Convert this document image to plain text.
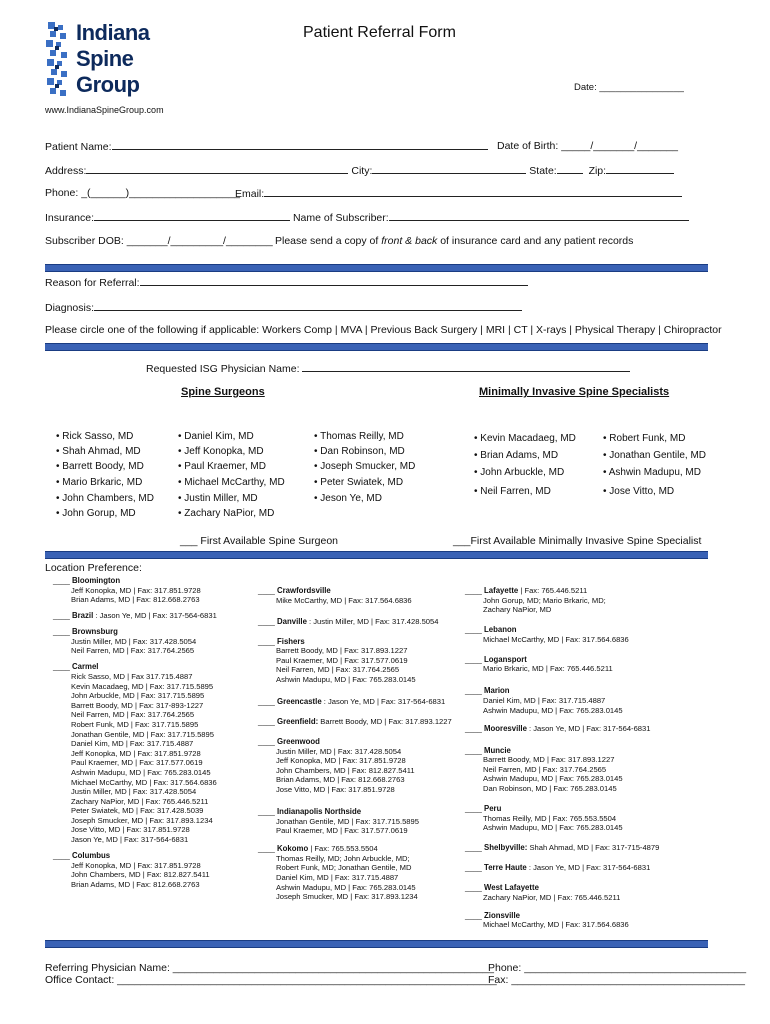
Indiana
Spine
Group
Patient Referral Form
Date: ________________
www.IndianaSpineGroup.com
Patient Name:	Date of Birth: _____/_______/_______
Address:	City:	State:	Zip:
Phone: _(______)___________________
Email:
Insurance:	Name of Subscriber:
Subscriber DOB: _______/_________/________ Please send a copy of front & back of insurance card and any patient records
Reason for Referral:
Diagnosis:
Please circle one of the following if applicable: Workers Comp | MVA | Previous Back Surgery | MRI | CT | X-rays | Physical Therapy | Chiropractor
Requested ISG Physician Name:
Spine Surgeons	Minimally Invasive Spine Specialists
• Rick Sasso, MD
• Shah Ahmad, MD
• Barrett Boody, MD
• Mario Brkaric, MD
• John Chambers, MD
• John Gorup, MD
• Daniel Kim, MD
• Jeff Konopka, MD
• Paul Kraemer, MD
• Michael McCarthy, MD
• Justin Miller, MD
• Zachary NaPior, MD
• Thomas Reilly, MD
• Dan Robinson, MD
• Joseph Smucker, MD
• Peter Swiatek, MD
• Jeson Ye, MD
• Kevin Macadaeg, MD
• Brian Adams, MD
• John Arbuckle, MD
• Neil Farren, MD
• Robert Funk, MD
• Jonathan Gentile, MD
• Ashwin Madupu, MD
• Jose Vitto, MD
___ First Available Spine Surgeon	___First Available Minimally Invasive Spine Specialist
Location Preference:
____ Bloomington
Jeff Konopka, MD | Fax: 317.851.9728
Brian Adams, MD | Fax: 812.668.2763
____ Brazil : Jason Ye, MD | Fax: 317-564-6831
____ Brownsburg
Justin Miller, MD | Fax: 317.428.5054
Neil Farren, MD | Fax: 317.764.2565
____ Carmel
Rick Sasso, MD | Fax 317.715.4887
Kevin Macadaeg, MD | Fax: 317.715.5895
John Arbuckle, MD | Fax: 317.715.5895
Barrett Boody, MD | Fax: 317-893-1227
Neil Farren, MD | Fax: 317.764.2565
Robert Funk, MD | Fax: 317.715.5895
Jonathan Gentile, MD | Fax: 317.715.5895
Daniel Kim, MD | Fax: 317.715.4887
Jeff Konopka, MD | Fax: 317.851.9728
Paul Kraemer, MD | Fax: 317.577.0619
Ashwin Madupu, MD | Fax: 765.283.0145
Michael McCarthy, MD | Fax: 317.564.6836
Justin Miller, MD | Fax: 317.428.5054
Zachary NaPior, MD | Fax: 765.446.5211
Peter Swiatek, MD | Fax: 317.428.5039
Joseph Smucker, MD | Fax: 317.893.1234
Jose Vitto, MD | Fax: 317.851.9728
Jason Ye, MD | Fax: 317-564-6831
____ Columbus
Jeff Konopka, MD | Fax: 317.851.9728
John Chambers, MD | Fax: 812.827.5411
Brian Adams, MD | Fax: 812.668.2763
____ Crawfordsville
Mike McCarthy, MD | Fax: 317.564.6836
____ Danville : Justin Miller, MD | Fax: 317.428.5054
____ Fishers
Barrett Boody, MD | Fax: 317.893.1227
Paul Kraemer, MD | Fax: 317.577.0619
Neil Farren, MD | Fax: 317.764.2565
Ashwin Madupu, MD | Fax: 765.283.0145
____ Greencastle : Jason Ye, MD | Fax: 317-564-6831
____ Greenfield: Barrett Boody, MD | Fax: 317.893.1227
____ Greenwood
Justin Miller, MD | Fax: 317.428.5054
Jeff Konopka, MD | Fax: 317.851.9728
John Chambers, MD | Fax: 812.827.5411
Brian Adams, MD | Fax: 812.668.2763
Jose Vitto, MD | Fax: 317.851.9728
____ Indianapolis Northside
Jonathan Gentile, MD | Fax: 317.715.5895
Paul Kraemer, MD | Fax: 317.577.0619
____ Kokomo | Fax: 765.553.5504
Thomas Reilly, MD; John Arbuckle, MD;
Robert Funk, MD; Jonathan Gentile, MD
Daniel Kim, MD | Fax: 317.715.4887
Ashwin Madupu, MD | Fax: 765.283.0145
Joseph Smucker, MD | Fax: 317.893.1234
____ Lafayette | Fax: 765.446.5211
John Gorup, MD; Mario Brkaric, MD;
Zachary NaPior, MD
____ Lebanon
Michael McCarthy, MD | Fax: 317.564.6836
____ Logansport
Mario Brkaric, MD | Fax: 765.446.5211
____ Marion
Daniel Kim, MD | Fax: 317.715.4887
Ashwin Madupu, MD | Fax: 765.283.0145
____ Mooresville : Jason Ye, MD | Fax: 317-564-6831
____ Muncie
Barrett Boody, MD | Fax: 317.893.1227
Neil Farren, MD | Fax: 317.764.2565
Ashwin Madupu, MD | Fax: 765.283.0145
Dan Robinson, MD | Fax: 765.283.0145
____ Peru
Thomas Reilly, MD | Fax: 765.553.5504
Ashwin Madupu, MD | Fax: 765.283.0145
____ Shelbyville: Shah Ahmad, MD | Fax: 317-715-4879
____ Terre Haute : Jason Ye, MD | Fax: 317-564-6831
____ West Lafayette
Zachary NaPior, MD | Fax: 765.446.5211
____ Zionsville
Michael McCarthy, MD | Fax: 317.564.6836
Referring Physician Name: _______________________________________________________
Office Contact: _________________________________________________________________
Phone: ______________________________________
Fax: ________________________________________
